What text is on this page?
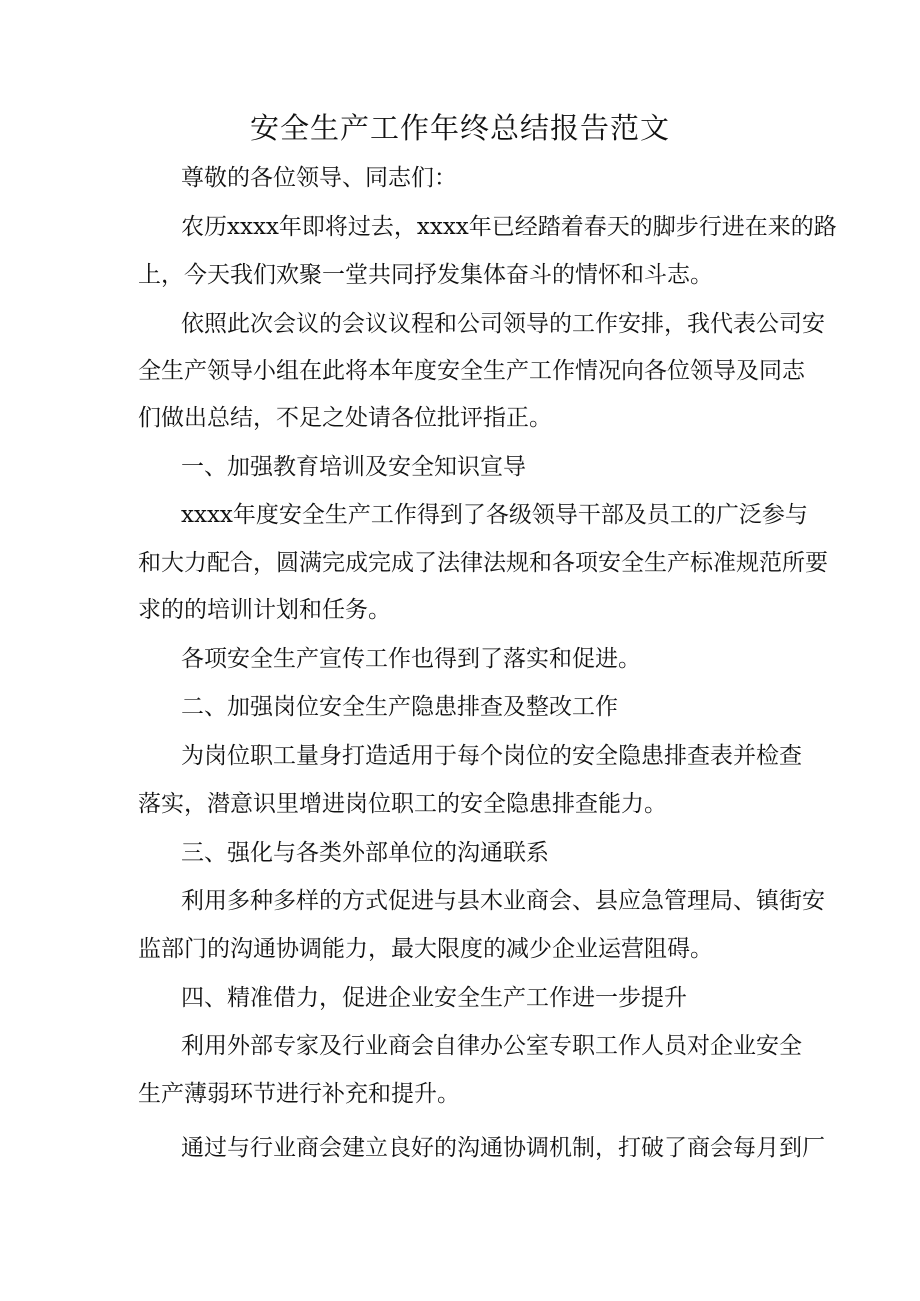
安全生产工作年终总结报告范文
尊敬的各位领导、同志们：
农历xxxx年即将过去，xxxx年已经踏着春天的脚步行进在来的路
上，今天我们欢聚一堂共同抒发集体奋斗的情怀和斗志。
依照此次会议的会议议程和公司领导的工作安排，我代表公司安
全生产领导小组在此将本年度安全生产工作情况向各位领导及同志
们做出总结，不足之处请各位批评指正。
一、加强教育培训及安全知识宣导
xxxx年度安全生产工作得到了各级领导干部及员工的广泛参与
和大力配合，圆满完成完成了法律法规和各项安全生产标准规范所要
求的的培训计划和任务。
各项安全生产宣传工作也得到了落实和促进。
二、加强岗位安全生产隐患排查及整改工作
为岗位职工量身打造适用于每个岗位的安全隐患排查表并检查
落实，潜意识里增进岗位职工的安全隐患排查能力。
三、强化与各类外部单位的沟通联系
利用多种多样的方式促进与县木业商会、县应急管理局、镇街安
监部门的沟通协调能力，最大限度的减少企业运营阻碍。
四、精准借力，促进企业安全生产工作进一步提升
利用外部专家及行业商会自律办公室专职工作人员对企业安全
生产薄弱环节进行补充和提升。
通过与行业商会建立良好的沟通协调机制，打破了商会每月到厂
